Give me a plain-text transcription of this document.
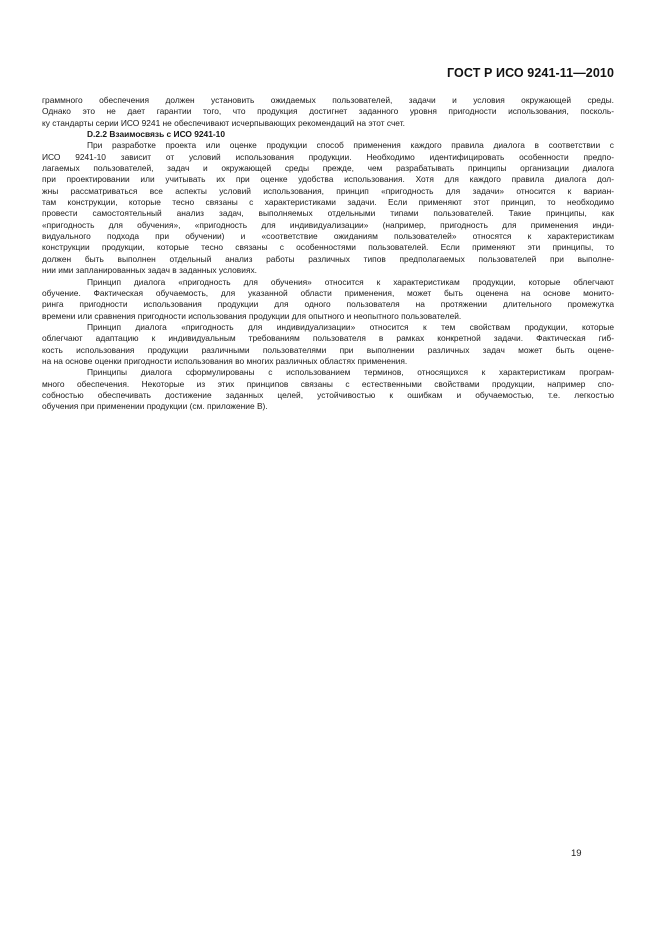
ГОСТ Р ИСО 9241-11—2010
граммного обеспечения должен установить ожидаемых пользователей, задачи и условия окружающей среды.
Однако это не дает гарантии того, что продукция достигнет заданного уровня пригодности использования, посколь-
ку стандарты серии ИСО 9241 не обеспечивают исчерпывающих рекомендаций на этот счет.
D.2.2 Взаимосвязь с ИСО 9241-10
При разработке проекта или оценке продукции способ применения каждого правила диалога в соответствии с
ИСО 9241-10 зависит от условий использования продукции. Необходимо идентифицировать особенности предпо-
лагаемых пользователей, задач и окружающей среды прежде, чем разрабатывать принципы организации диалога
при проектировании или учитывать их при оценке удобства использования. Хотя для каждого правила диалога дол-
жны рассматриваться все аспекты условий использования, принцип «пригодность для задачи» относится к вариан-
там конструкции, которые тесно связаны с характеристиками задачи. Если применяют этот принцип, то необходимо
провести самостоятельный анализ задач, выполняемых отдельными типами пользователей. Такие принципы, как
«пригодность для обучения», «пригодность для индивидуализации» (например, пригодность для применения инди-
видуального подхода при обучении) и «соответствие ожиданиям пользователей» относятся к характеристикам
конструкции продукции, которые тесно связаны с особенностями пользователей. Если применяют эти принципы, то
должен быть выполнен отдельный анализ работы различных типов предполагаемых пользователей при выполне-
нии ими запланированных задач в заданных условиях.
Принцип диалога «пригодность для обучения» относится к характеристикам продукции, которые облегчают
обучение. Фактическая обучаемость, для указанной области применения, может быть оценена на основе монито-
ринга пригодности использования продукции для одного пользователя на протяжении длительного промежутка
времени или сравнения пригодности использования продукции для опытного и неопытного пользователей.
Принцип диалога «пригодность для индивидуализации» относится к тем свойствам продукции, которые
облегчают адаптацию к индивидуальным требованиям пользователя в рамках конкретной задачи. Фактическая гиб-
кость использования продукции различными пользователями при выполнении различных задач может быть оцене-
на на основе оценки пригодности использования во многих различных областях применения.
Принципы диалога сформулированы с использованием терминов, относящихся к характеристикам програм-
много обеспечения. Некоторые из этих принципов связаны с естественными свойствами продукции, например спо-
собностью обеспечивать достижение заданных целей, устойчивостью к ошибкам и обучаемостью, т.е. легкостью
обучения при применении продукции (см. приложение В).
19
